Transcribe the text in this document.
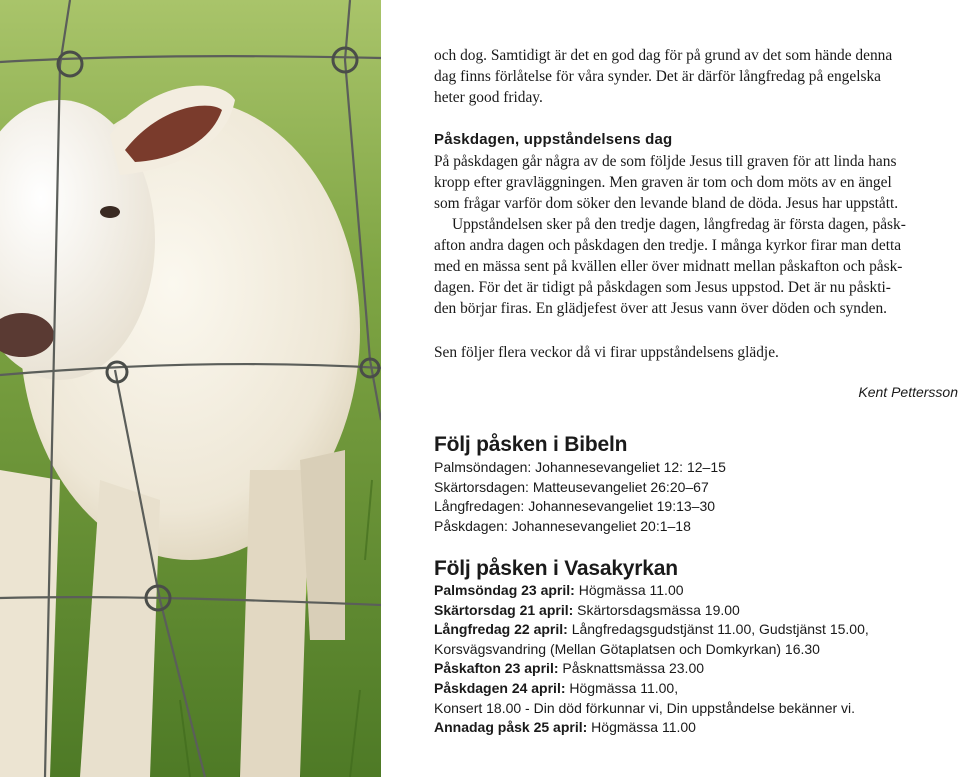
och dog. Samtidigt är det en god dag för på grund av det som hände denna
dag finns förlåtelse för våra synder. Det är därför långfredag på engelska
heter good friday.
Påskdagen, uppståndelsens dag
På påskdagen går några av de som följde Jesus till graven för att linda hans
kropp efter gravläggningen. Men graven är tom och dom möts av en ängel
som frågar varför dom söker den levande bland de döda. Jesus har uppstått.
Uppståndelsen sker på den tredje dagen, långfredag är första dagen, påsk-
afton andra dagen och påskdagen den tredje. I många kyrkor firar man detta
med en mässa sent på kvällen eller över midnatt mellan påskafton och påsk-
dagen. För det är tidigt på påskdagen som Jesus uppstod. Det är nu påskti-
den börjar firas. En glädjefest över att Jesus vann över döden och synden.
Sen följer flera veckor då vi firar uppståndelsens glädje.
Kent Pettersson
Följ påsken i Bibeln
Palmsöndagen: Johannesevangeliet 12: 12–15
Skärtorsdagen: Matteusevangeliet 26:20–67
Långfredagen: Johannesevangeliet 19:13–30
Påskdagen: Johannesevangeliet 20:1–18
Följ påsken i Vasakyrkan
Palmsöndag 23 april: Högmässa 11.00
Skärtorsdag 21 april: Skärtorsdagsmässa 19.00
Långfredag 22 april: Långfredagsgudstjänst 11.00, Gudstjänst 15.00,
Korsvägsvandring (Mellan Götaplatsen och Domkyrkan) 16.30
Påskafton 23 april: Påsknattsmässa 23.00
Påskdagen 24 april: Högmässa 11.00,
Konsert 18.00 - Din död förkunnar vi, Din uppståndelse bekänner vi.
Annadag påsk 25 april: Högmässa 11.00
